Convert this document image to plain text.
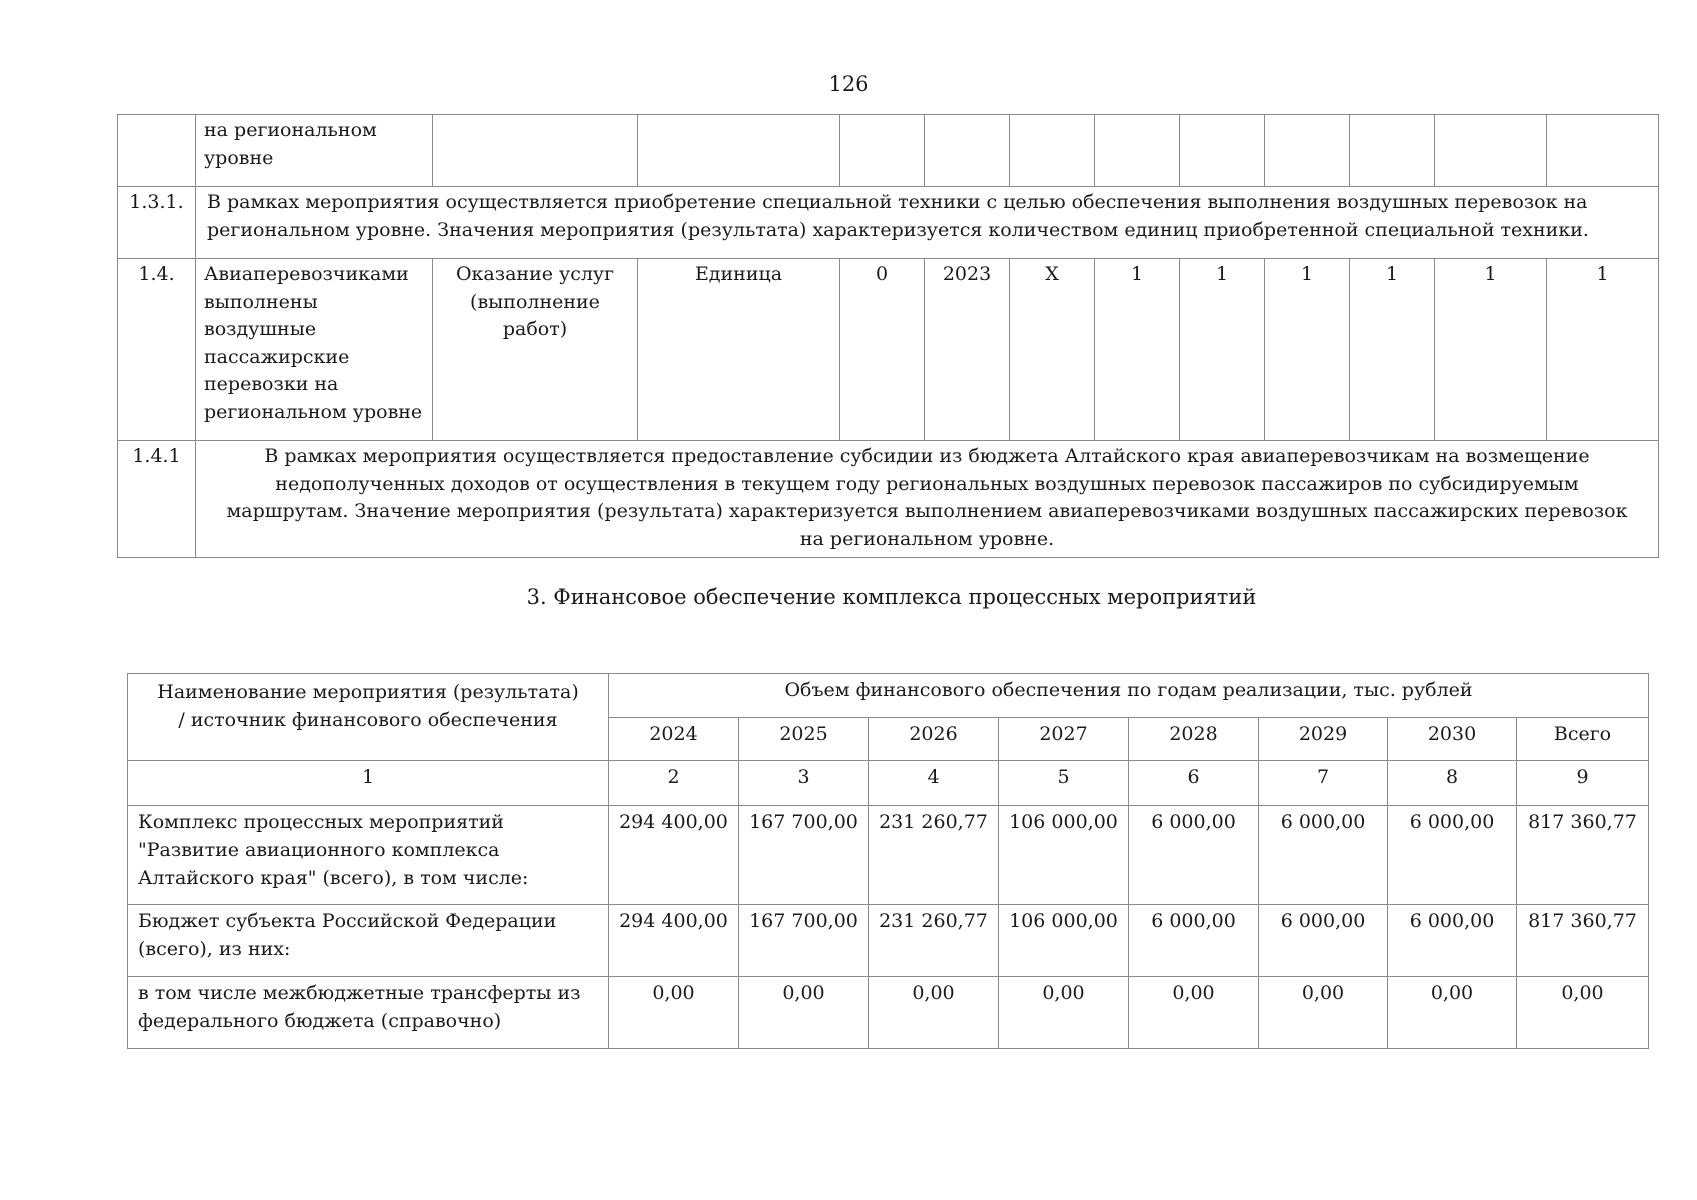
126
	на региональном уровне											
1.3.1.	В рамках мероприятия осуществляется приобретение специальной техники с целью обеспечения выполнения воздушных перевозок на региональном уровне. Значения мероприятия (результата) характеризуется количеством единиц приобретенной специальной техники.											
1.4.	Авиаперевозчиками выполнены воздушные пассажирские перевозки на региональном уровне	Оказание услуг (выполнение работ)	Единица	0	2023	X	1	1	1	1	1	1
1.4.1	В рамках мероприятия осуществляется предоставление субсидии из бюджета Алтайского края авиаперевозчикам на возмещение недополученных доходов от осуществления в текущем году региональных воздушных перевозок пассажиров по субсидируемым маршрутам. Значение мероприятия (результата) характеризуется выполнением авиаперевозчиками воздушных пассажирских перевозок на региональном уровне.											
3. Финансовое обеспечение комплекса процессных мероприятий
Наименование мероприятия (результата) / источник финансового обеспечения	Объем финансового обеспечения по годам реализации, тыс. рублей							
	2024	2025	2026	2027	2028	2029	2030	Всего
1	2	3	4	5	6	7	8	9
Комплекс процессных мероприятий "Развитие авиационного комплекса Алтайского края" (всего), в том числе:	294 400,00	167 700,00	231 260,77	106 000,00	6 000,00	6 000,00	6 000,00	817 360,77
Бюджет субъекта Российской Федерации (всего), из них:	294 400,00	167 700,00	231 260,77	106 000,00	6 000,00	6 000,00	6 000,00	817 360,77
в том числе межбюджетные трансферты из федерального бюджета (справочно)	0,00	0,00	0,00	0,00	0,00	0,00	0,00	0,00
